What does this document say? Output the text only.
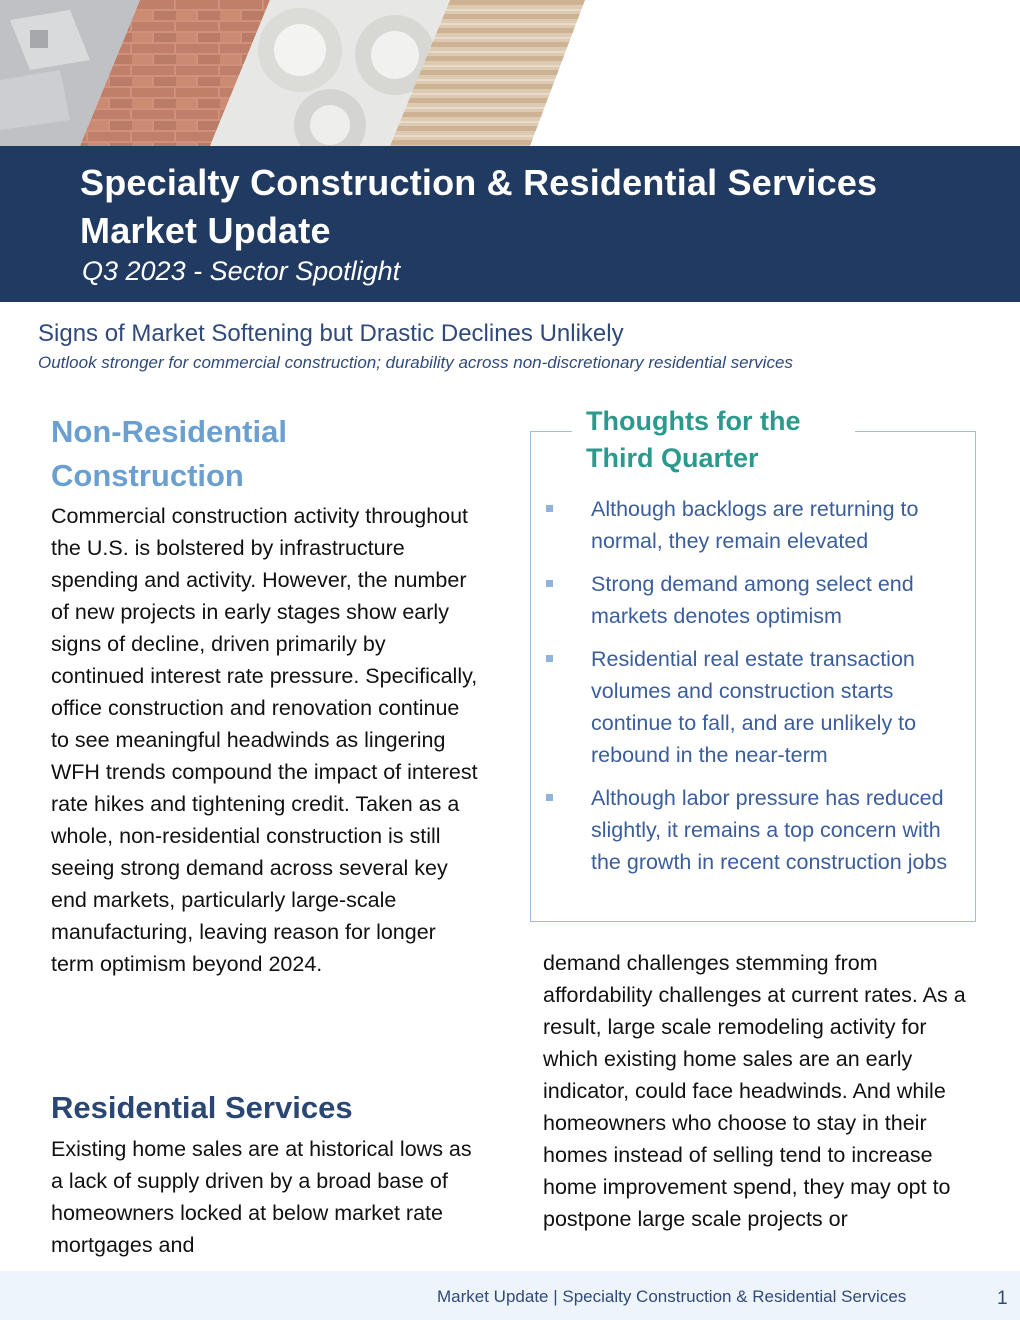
Specialty Construction & Residential Services
Market Update
Q3 2023 - Sector Spotlight
Signs of Market Softening but Drastic Declines Unlikely
Outlook stronger for commercial construction; durability across non-discretionary residential services
Non-Residential Construction

Commercial construction activity throughout the U.S. is bolstered by infrastructure spending and activity. However, the number of new projects in early stages show early signs of decline, driven primarily by continued interest rate pressure. Specifically, office construction and renovation continue to see meaningful headwinds as lingering WFH trends compound the impact of interest rate hikes and tightening credit. Taken as a whole, non-residential construction is still seeing strong demand across several key end markets, particularly large-scale manufacturing, leaving reason for longer term optimism beyond 2024.

Residential Services

Existing home sales are at historical lows as a lack of supply driven by a broad base of homeowners locked at below market rate mortgages and

Thoughts for the Third Quarter
Although backlogs are returning to normal, they remain elevated
Strong demand among select end markets denotes optimism
Residential real estate transaction volumes and construction starts continue to fall, and are unlikely to rebound in the near-term
Although labor pressure has reduced slightly, it remains a top concern with the growth in recent construction jobs

demand challenges stemming from affordability challenges at current rates. As a result, large scale remodeling activity for which existing home sales are an early indicator, could face headwinds. And while homeowners who choose to stay in their homes instead of selling tend to increase home improvement spend, they may opt to postpone large scale projects or

Market Update | Specialty Construction & Residential Services	1
